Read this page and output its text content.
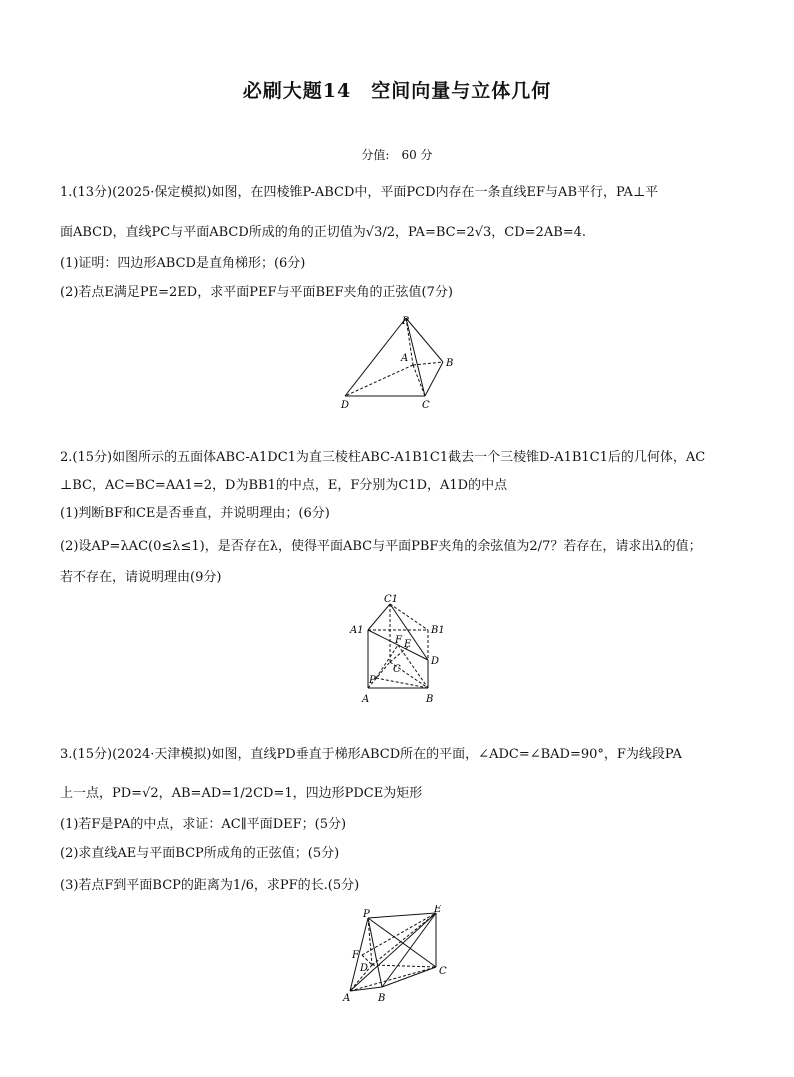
必刷大题14　空间向量与立体几何
分值:　60 分
1.(13分)(2025·保定模拟)如图，在四棱锥P-ABCD中，平面PCD内存在一条直线EF与AB平行，PA⊥平
面ABCD，直线PC与平面ABCD所成的角的正切值为√3/2，PA=BC=2√3，CD=2AB=4.
(1)证明：四边形ABCD是直角梯形；(6分)
(2)若点E满足PE=2ED，求平面PEF与平面BEF夹角的正弦值(7分)
P
A	B
C
D
2.(15分)如图所示的五面体ABC-A1DC1为直三棱柱ABC-A1B1C1截去一个三棱锥D-A1B1C1后的几何体，AC
⊥BC，AC=BC=AA1=2，D为BB1的中点，E，F分别为C1D，A1D的中点
(1)判断BF和CE是否垂直，并说明理由；(6分)
(2)设AP=λAC(0≤λ≤1)，是否存在λ，使得平面ABC与平面PBF夹角的余弦值为2/7？若存在，请求出λ的值；
若不存在，请说明理由(9分)
C1
A1	B1
F E
D
C
P
A	B
3.(15分)(2024·天津模拟)如图，直线PD垂直于梯形ABCD所在的平面，∠ADC=∠BAD=90°，F为线段PA
上一点，PD=√2，AB=AD=1/2CD=1，四边形PDCE为矩形
(1)若F是PA的中点，求证：AC∥平面DEF；(5分)
(2)求直线AE与平面BCP所成角的正弦值；(5分)
(3)若点F到平面BCP的距离为1/6，求PF的长.(5分)
P	E
F
D	C
A	B
